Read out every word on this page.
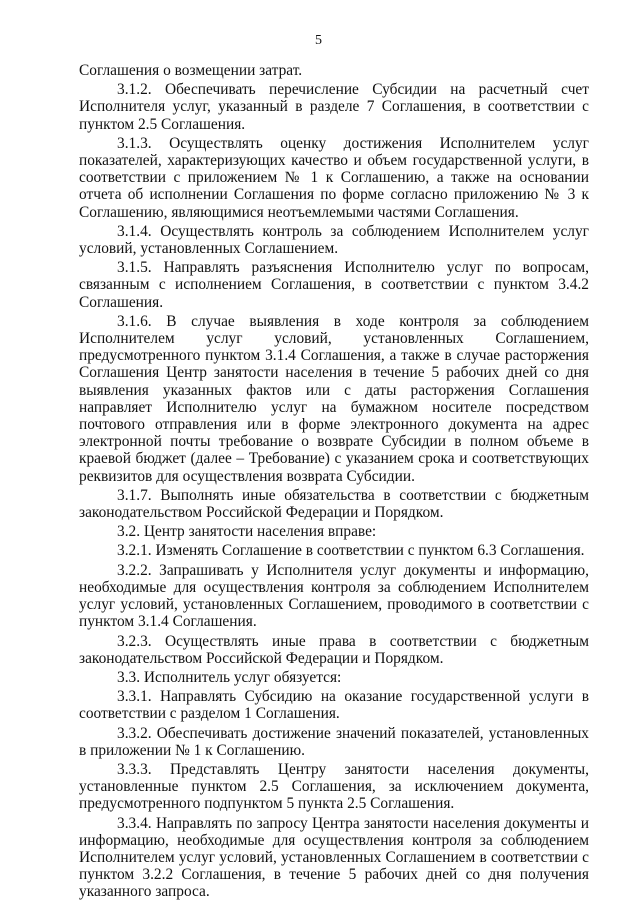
5

Соглашения о возмещении затрат.

3.1.2. Обеспечивать перечисление Субсидии на расчетный счет Исполнителя услуг, указанный в разделе 7 Соглашения, в соответствии с пунктом 2.5 Соглашения.

3.1.3. Осуществлять оценку достижения Исполнителем услуг показателей, характеризующих качество и объем государственной услуги, в соответствии с приложением № 1 к Соглашению, а также на основании отчета об исполнении Соглашения по форме согласно приложению № 3 к Соглашению, являющимися неотъемлемыми частями Соглашения.

3.1.4. Осуществлять контроль за соблюдением Исполнителем услуг условий, установленных Соглашением.

3.1.5. Направлять разъяснения Исполнителю услуг по вопросам, связанным с исполнением Соглашения, в соответствии с пунктом 3.4.2 Соглашения.

3.1.6. В случае выявления в ходе контроля за соблюдением Исполнителем услуг условий, установленных Соглашением, предусмотренного пунктом 3.1.4 Соглашения, а также в случае расторжения Соглашения Центр занятости населения в течение 5 рабочих дней со дня выявления указанных фактов или с даты расторжения Соглашения направляет Исполнителю услуг на бумажном носителе посредством почтового отправления или в форме электронного документа на адрес электронной почты требование о возврате Субсидии в полном объеме в краевой бюджет (далее – Требование) с указанием срока и соответствующих реквизитов для осуществления возврата Субсидии.

3.1.7. Выполнять иные обязательства в соответствии с бюджетным законодательством Российской Федерации и Порядком.

3.2. Центр занятости населения вправе:

3.2.1. Изменять Соглашение в соответствии с пунктом 6.3 Соглашения.

3.2.2. Запрашивать у Исполнителя услуг документы и информацию, необходимые для осуществления контроля за соблюдением Исполнителем услуг условий, установленных Соглашением, проводимого в соответствии с пунктом 3.1.4 Соглашения.

3.2.3. Осуществлять иные права в соответствии с бюджетным законодательством Российской Федерации и Порядком.

3.3. Исполнитель услуг обязуется:

3.3.1. Направлять Субсидию на оказание государственной услуги в соответствии с разделом 1 Соглашения.

3.3.2. Обеспечивать достижение значений показателей, установленных в приложении № 1 к Соглашению.

3.3.3. Представлять Центру занятости населения документы, установленные пунктом 2.5 Соглашения, за исключением документа, предусмотренного подпунктом 5 пункта 2.5 Соглашения.

3.3.4. Направлять по запросу Центра занятости населения документы и информацию, необходимые для осуществления контроля за соблюдением Исполнителем услуг условий, установленных Соглашением в соответствии с пунктом 3.2.2 Соглашения, в течение 5 рабочих дней со дня получения указанного запроса.
